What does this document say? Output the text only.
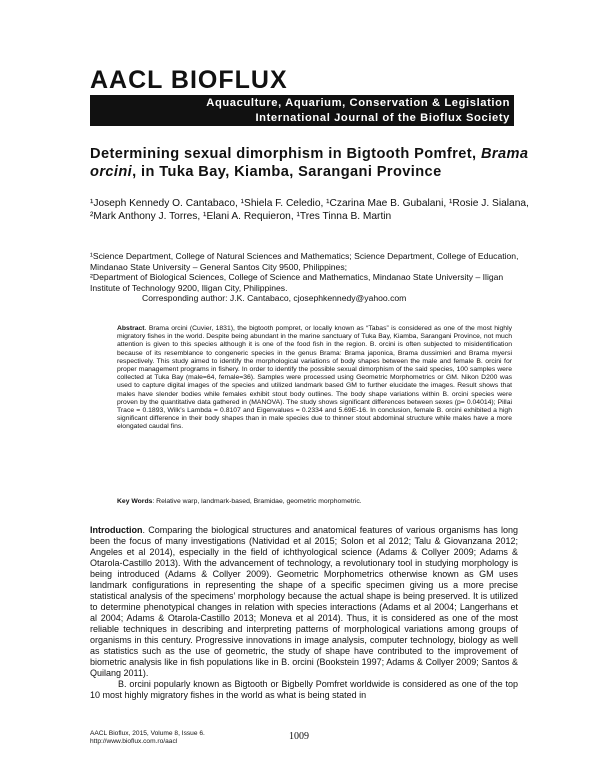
AACL BIOFLUX
Aquaculture, Aquarium, Conservation & Legislation
International Journal of the Bioflux Society
Determining sexual dimorphism in Bigtooth Pomfret, Brama orcini, in Tuka Bay, Kiamba, Sarangani Province
¹Joseph Kennedy O. Cantabaco, ¹Shiela F. Celedio, ¹Czarina Mae B. Gubalani, ¹Rosie J. Sialana, ²Mark Anthony J. Torres, ¹Elani A. Requieron, ¹Tres Tinna B. Martin
¹Science Department, College of Natural Sciences and Mathematics; Science Department, College of Education, Mindanao State University – General Santos City 9500, Philippines;
²Department of Biological Sciences, College of Science and Mathematics, Mindanao State University – Iligan Institute of Technology 9200, Iligan City, Philippines.
Corresponding author: J.K. Cantabaco, cjosephkennedy@yahoo.com
Abstract. Brama orcini (Cuvier, 1831), the bigtooth pompret, or locally known as “Tabas” is considered as one of the most highly migratory fishes in the world. Despite being abundant in the marine sanctuary of Tuka Bay, Kiamba, Sarangani Province, not much attention is given to this species although it is one of the food fish in the region. B. orcini is often subjected to misidentification because of its resemblance to congeneric species in the genus Brama: Brama japonica, Brama dussimieri and Brama myersi respectively. This study aimed to identify the morphological variations of body shapes between the male and female B. orcini for proper management programs in fishery. In order to identify the possible sexual dimorphism of the said species, 100 samples were collected at Tuka Bay (male=64, female=36). Samples were processed using Geometric Morphometrics or GM. Nikon D200 was used to capture digital images of the species and utilized landmark based GM to further elucidate the images. Result shows that males have slender bodies while females exhibit stout body outlines. The body shape variations within B. orcini species were proven by the quantitative data gathered in (MANOVA). The study shows significant differences between sexes (p= 0.04014); Pillai Trace = 0.1893, Wilk’s Lambda = 0.8107 and Eigenvalues = 0.2334 and 5.69E-16. In conclusion, female B. orcini exhibited a high significant difference in their body shapes than in male species due to thinner stout abdominal structure while males have a more elongated caudal fins.
Key Words: Relative warp, landmark-based, Bramidae, geometric morphometric.
Introduction. Comparing the biological structures and anatomical features of various organisms has long been the focus of many investigations (Natividad et al 2015; Solon et al 2012; Talu & Giovanzana 2012; Angeles et al 2014), especially in the field of ichthyological science (Adams & Collyer 2009; Adams & Otarola-Castillo 2013). With the advancement of technology, a revolutionary tool in studying morphology is being introduced (Adams & Collyer 2009). Geometric Morphometrics otherwise known as GM uses landmark configurations in representing the shape of a specific specimen giving us a more precise statistical analysis of the specimens’ morphology because the actual shape is being preserved. It is utilized to determine phenotypical changes in relation with species interactions (Adams et al 2004; Langerhans et al 2004; Adams & Otarola-Castillo 2013; Moneva et al 2014). Thus, it is considered as one of the most reliable techniques in describing and interpreting patterns of morphological variations among groups of organisms in this century. Progressive innovations in image analysis, computer technology, biology as well as statistics such as the use of geometric, the study of shape have contributed to the improvement of biometric analysis like in fish populations like in B. orcini (Bookstein 1997; Adams & Collyer 2009; Santos & Quilang 2011).
B. orcini popularly known as Bigtooth or Bigbelly Pomfret worldwide is considered as one of the top 10 most highly migratory fishes in the world as what is being stated in
AACL Bioflux, 2015, Volume 8, Issue 6.
http://www.bioflux.com.ro/aacl	1009
